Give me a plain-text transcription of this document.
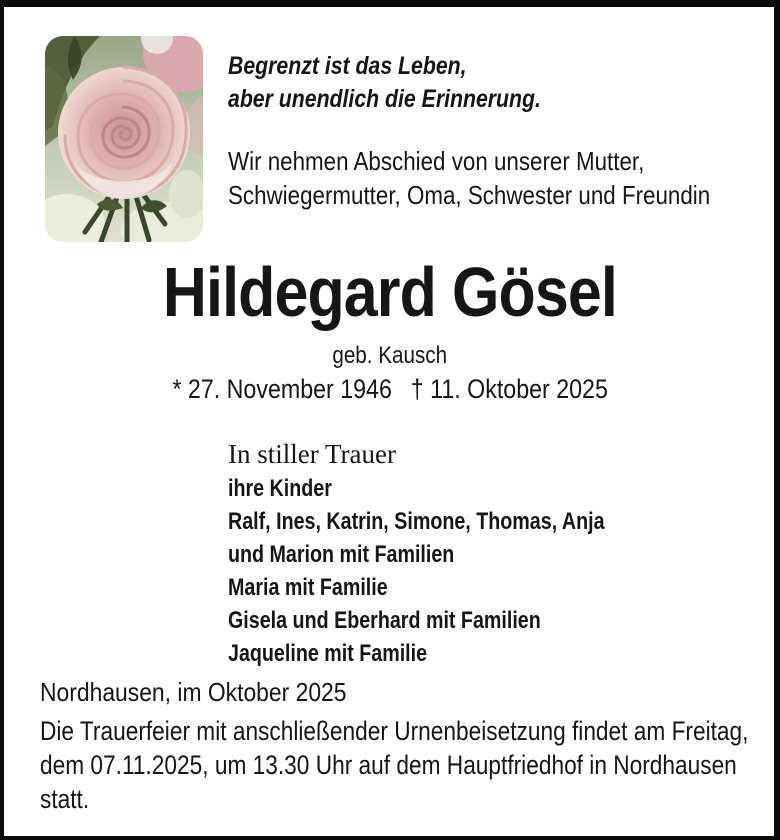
Begrenzt ist das Leben,
aber unendlich die Erinnerung.
Wir nehmen Abschied von unserer Mutter,
Schwiegermutter, Oma, Schwester und Freundin
Hildegard Gösel
geb. Kausch
* 27. November 1946 † 11. Oktober 2025
In stiller Trauer
ihre Kinder
Ralf, Ines, Katrin, Simone, Thomas, Anja
und Marion mit Familien
Maria mit Familie
Gisela und Eberhard mit Familien
Jaqueline mit Familie
Nordhausen, im Oktober 2025
Die Trauerfeier mit anschließender Urnenbeisetzung findet am Freitag,
dem 07.11.2025, um 13.30 Uhr auf dem Hauptfriedhof in Nordhausen
statt.
